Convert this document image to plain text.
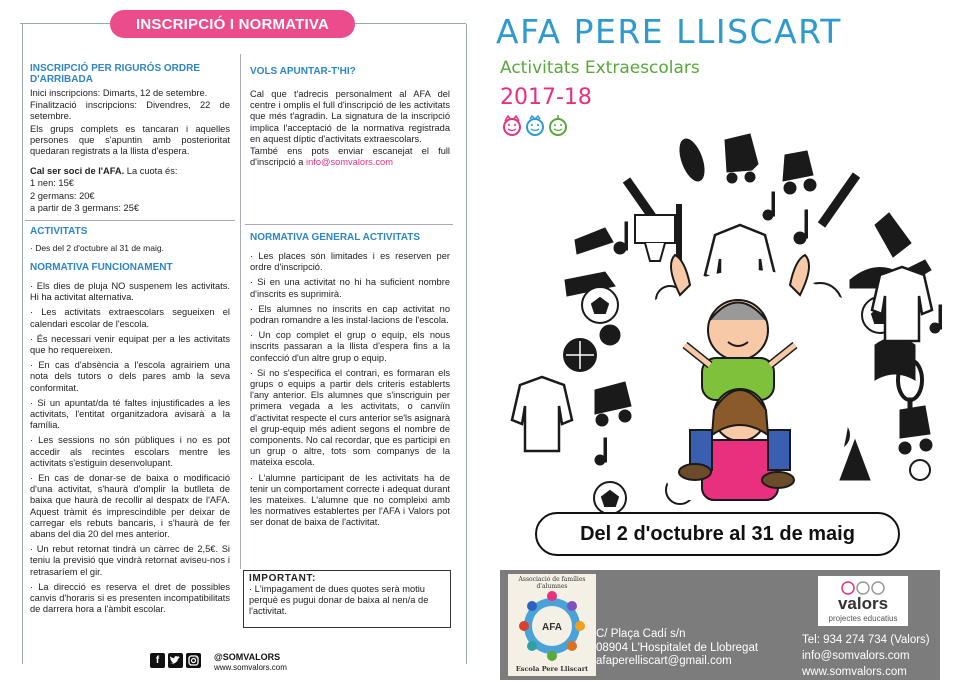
INSCRIPCIÓ I NORMATIVA
INSCRIPCIÓ PER RIGURÓS ORDRE D'ARRIBADA

Inici inscripcions: Dimarts, 12 de setembre.

Finalització inscripcions: Divendres, 22 de setembre.

Els grups complets es tancaran i aquelles persones que s'apuntin amb posterioritat quedaran registrats a la llista d'espera.

Cal ser soci de l'AFA. La cuota és:

1 nen: 15€

2 germans: 20€

a partir de 3 germans: 25€

VOLS APUNTAR-T'HI?

Cal que t'adrecis personalment al AFA del centre i omplis el full d'inscripció de les activitats que més t'agradin. La signatura de la inscripció implica l'acceptació de la normativa registrada en aquest díptic d'activitats extraescolars.

També ens pots enviar escanejat el full d'inscripció a info@somvalors.com

ACTIVITATS
· Des del 2 d'octubre al 31 de maig.
NORMATIVA FUNCIONAMENT

· Els dies de pluja NO suspenem les activitats. Hi ha activitat alternativa.

· Les activitats extraescolars segueixen el calendari escolar de l'escola.

· És necessari venir equipat per a les activitats que ho requereixen.

· En cas d'absència a l'escola agrairiem una nota dels tutors o dels pares amb la seva conformitat.

· Si un apuntat/da té faltes injustificades a les activitats, l'entitat organitzadora avisarà a la família.

· Les sessions no són públiques i no es pot accedir als recintes escolars mentre les activitats s'estiguin desenvolupant.

· En cas de donar-se de baixa o modificació d'una activitat, s'haurà d'omplir la butlleta de baixa que haurà de recollir al despatx de l'AFA. Aquest tràmit és imprescindible per deixar de carregar els rebuts bancaris, i s'haurà de fer abans del dia 20 del mes anterior.

· Un rebut retornat tindrà un càrrec de 2,5€. Si teniu la previsió que vindrà retornat aviseu-nos i retrasaríem el gir.

· La direcció es reserva el dret de possibles canvis d'horaris si es presenten incompatibilitats de darrera hora a l'àmbit escolar.

NORMATIVA GENERAL ACTIVITATS

· Les places són limitades i es reserven per ordre d'inscripció.

· Si en una activitat no hi ha suficient nombre d'inscrits es suprimirà.

· Els alumnes no inscrits en cap activitat no podran romandre a les instal·lacions de l'escola.

· Un cop complet el grup o equip, els nous inscrits passaran a la llista d'espera fins a la confecció d'un altre grup o equip.

· Si no s'especifica el contrari, es formaran els grups o equips a partir dels criteris establerts l'any anterior. Els alumnes que s'inscriguin per primera vegada a les activitats, o canviïn d'activitat respecte el curs anterior se'ls asignarà el grup-equip més adient segons el nombre de components. No cal recordar, que es participi en un grup o altre, tots som companys de la mateixa escola.

· L'alumne participant de les activitats ha de tenir un comportament correcte i adequat durant les mateixes. L'alumne que no compleixi amb les normatives establertes per l'AFA i Valors pot ser donat de baixa de l'activitat.

IMPORTANT:
· L'impagament de dues quotes serà motiu perquè es pugui donar de baixa al nen/a de l'activitat.
f	@SOMVALORS
www.somvalors.com
AFA PERE LLISCART
Activitats Extraescolars
2017-18
Del 2 d'octubre al 31 de maig
Associació de famílies d'alumnes
AFA
Escola Pere Lliscart
C/ Plaça Cadí s/n
08904 L'Hospitalet de Llobregat
afaperelliscart@gmail.com
valors
projectes educatius
Tel: 934 274 734 (Valors)
info@somvalors.com
www.somvalors.com
